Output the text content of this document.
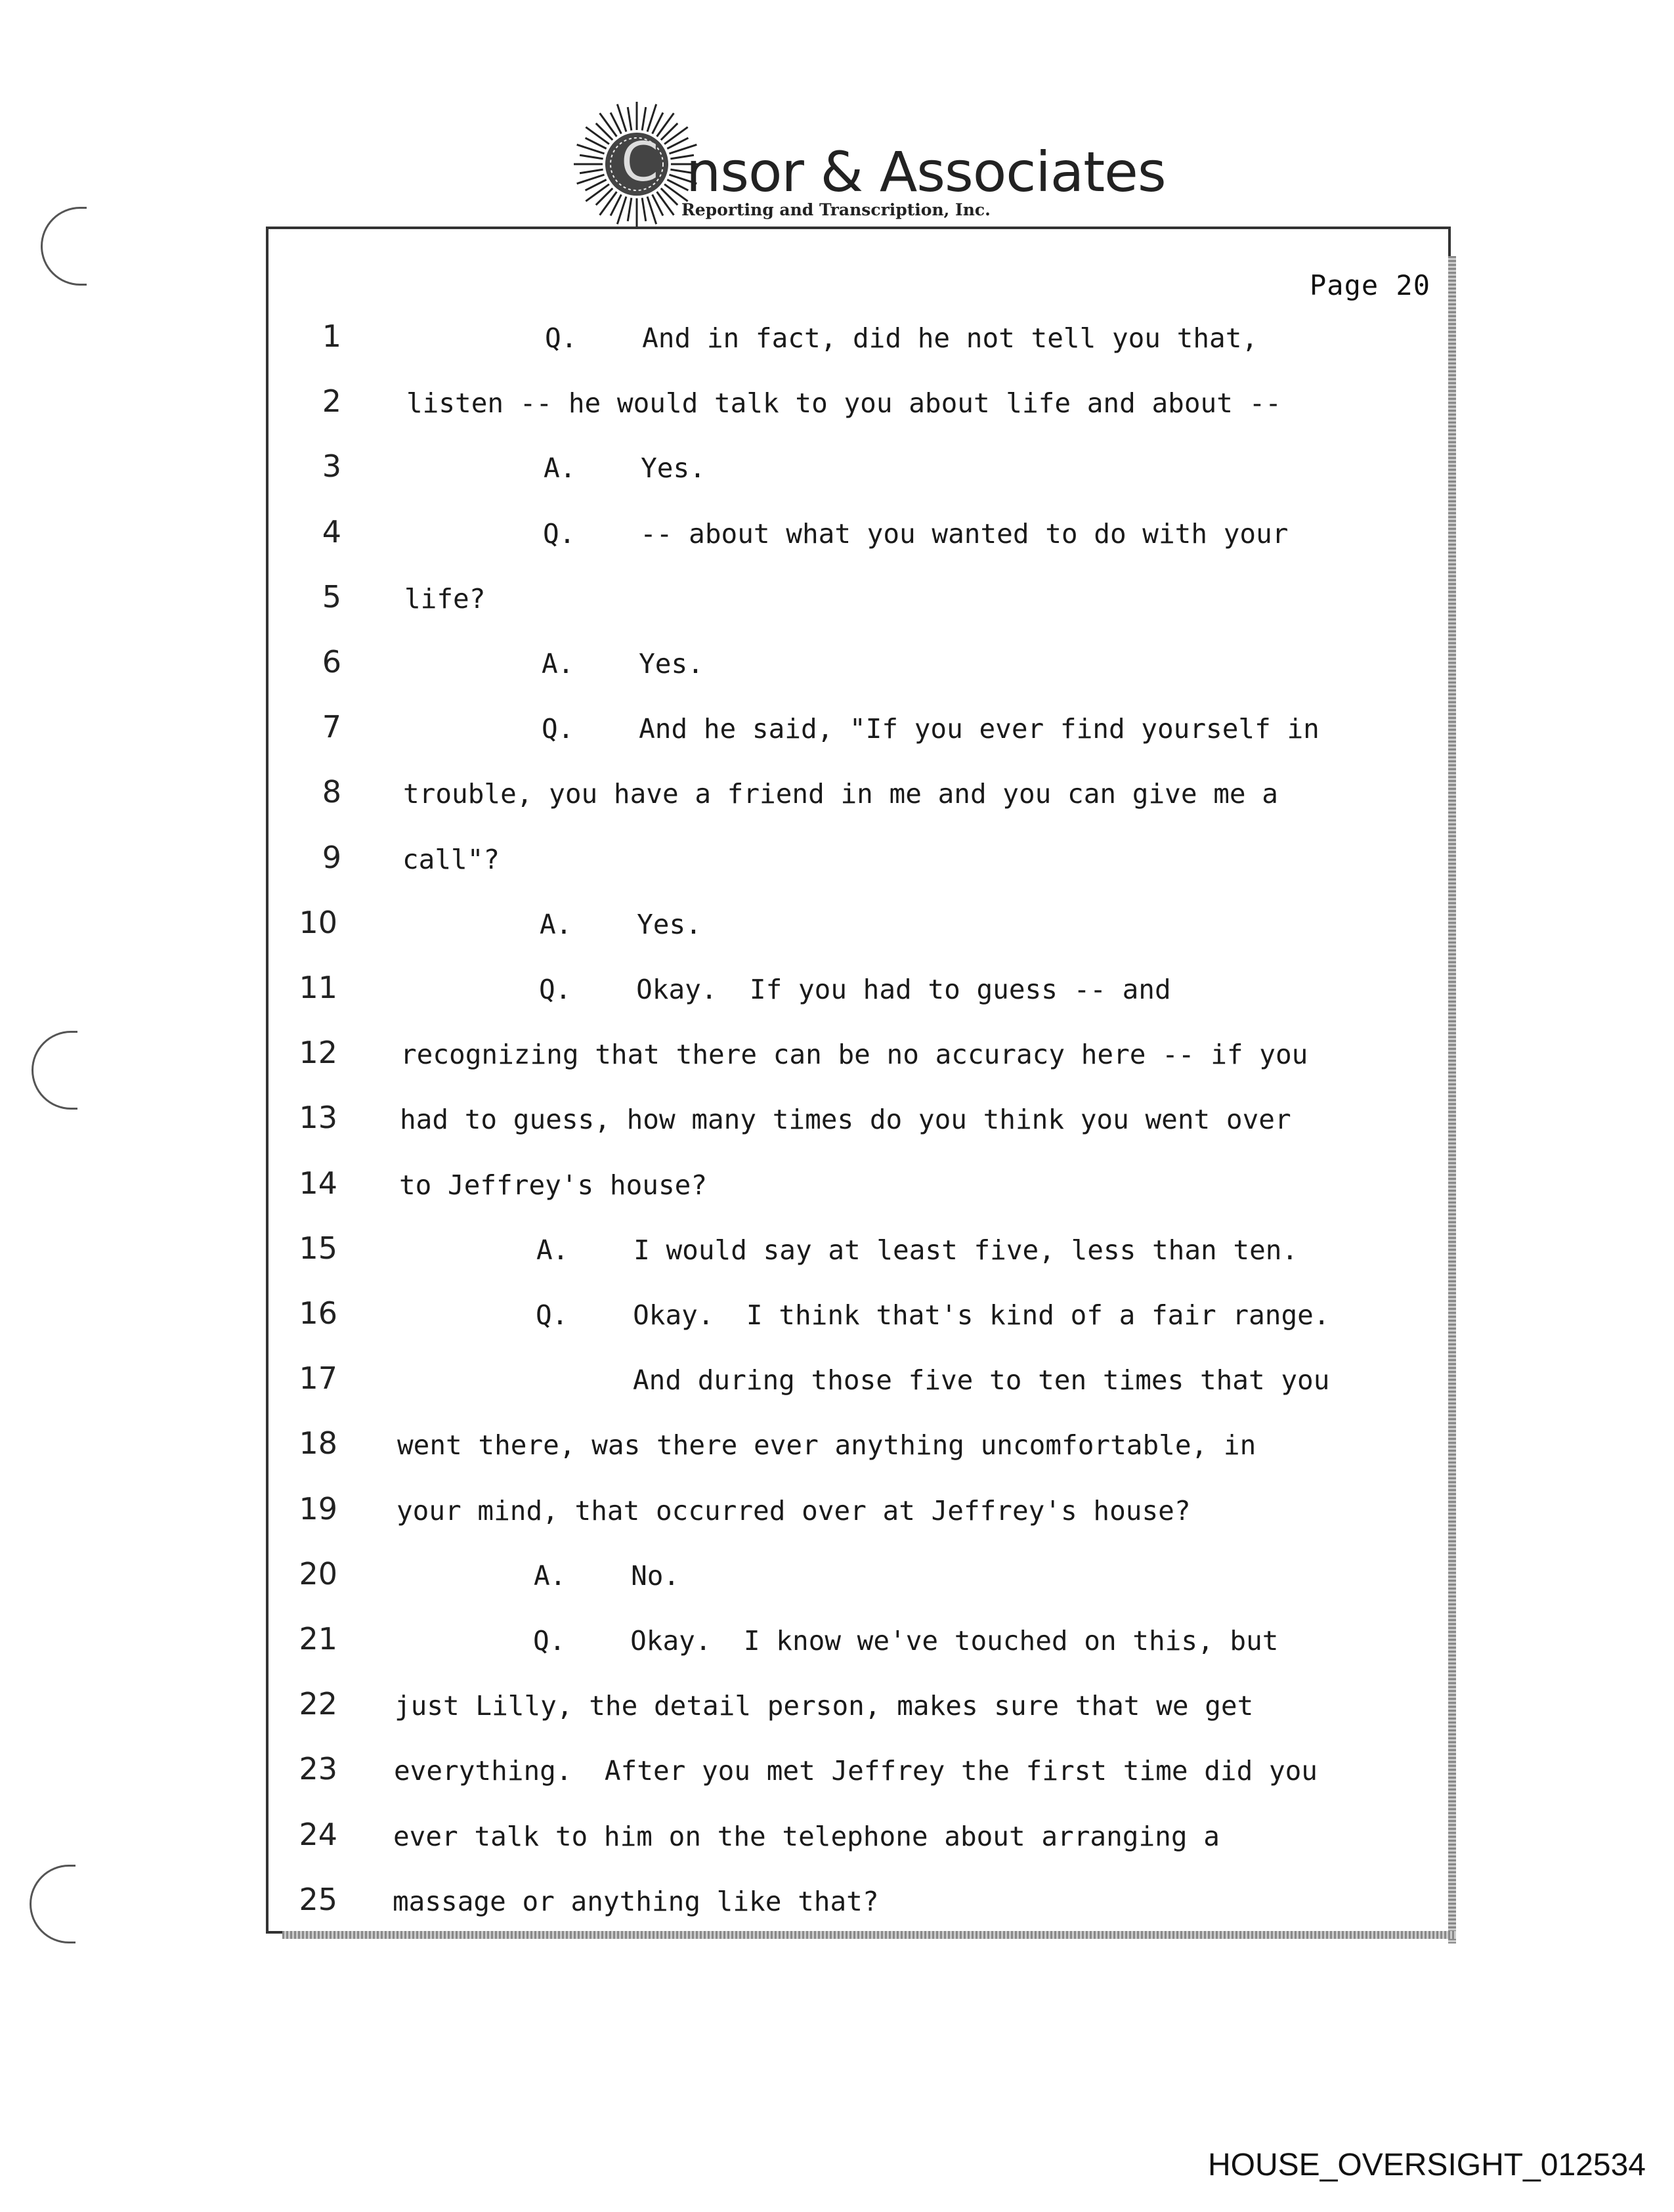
C nsor & Associates
Reporting and Transcription, Inc.
Page 20
1	Q.    And in fact, did he not tell you that,
2 listen -- he would talk to you about life and about --
3	A.    Yes.
4	Q.    -- about what you wanted to do with your
5 life?
6	A.    Yes.
7	Q.    And he said, "If you ever find yourself in
8 trouble, you have a friend in me and you can give me a
9 call"?
10	A.    Yes.
11	Q.    Okay.  If you had to guess -- and
12 recognizing that there can be no accuracy here -- if you
13 had to guess, how many times do you think you went over
14 to Jeffrey's house?
15	A.    I would say at least five, less than ten.
16	Q.    Okay.  I think that's kind of a fair range.
17	And during those five to ten times that you
18 went there, was there ever anything uncomfortable, in
19 your mind, that occurred over at Jeffrey's house?
20	A.    No.
21	Q.    Okay.  I know we've touched on this, but
22 just Lilly, the detail person, makes sure that we get
23 everything.  After you met Jeffrey the first time did you
24 ever talk to him on the telephone about arranging a
25 massage or anything like that?
HOUSE_OVERSIGHT_012534
